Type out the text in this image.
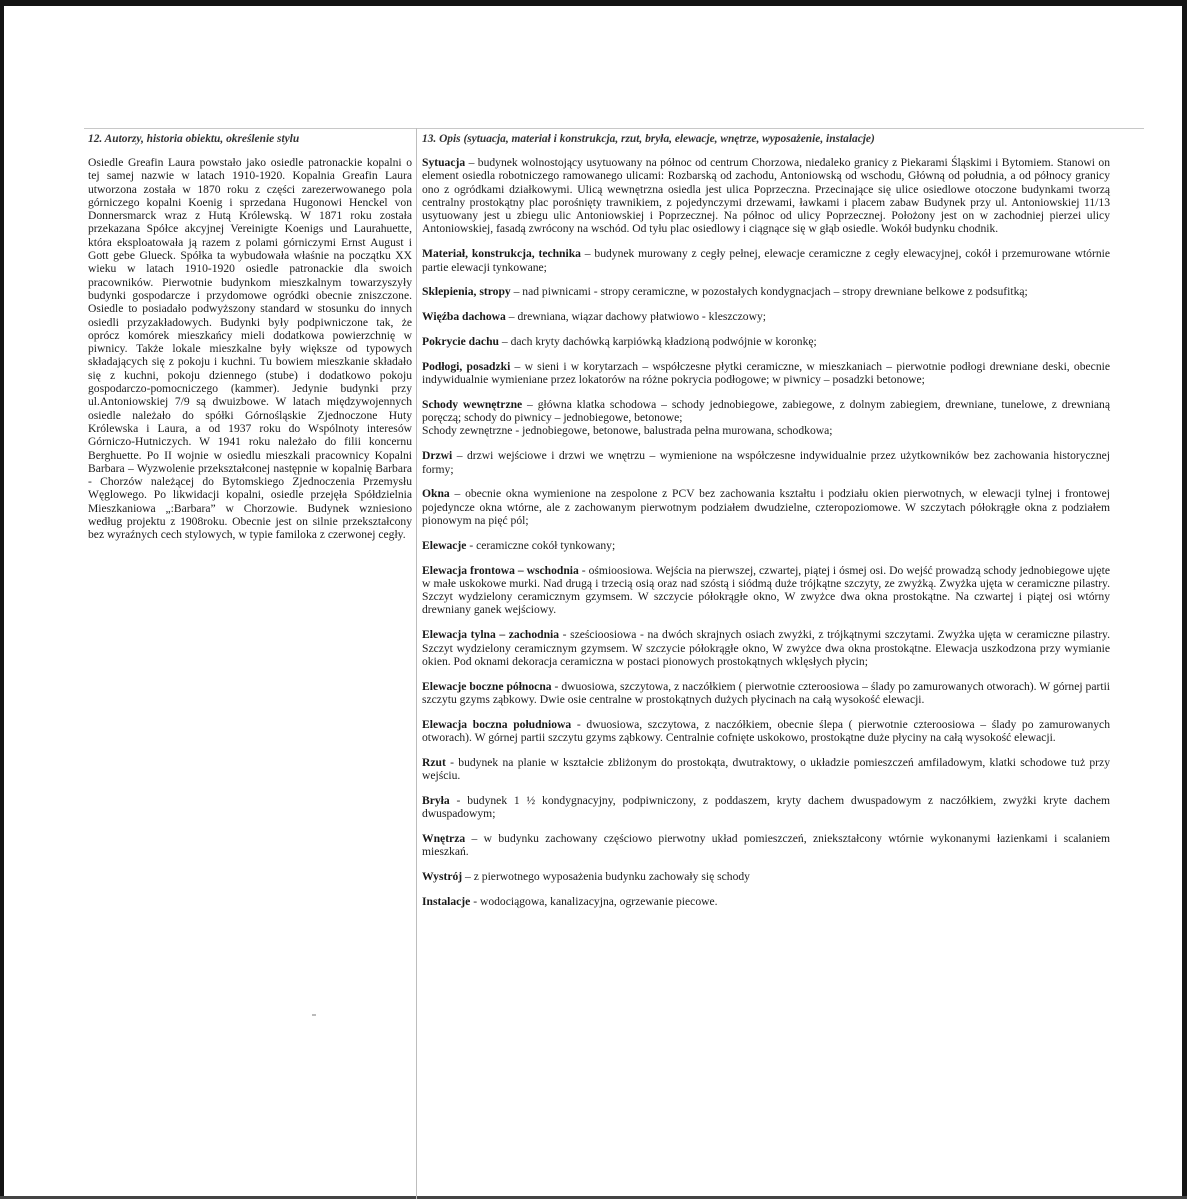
12. Autorzy, historia obiektu, określenie stylu

Osiedle Greafin Laura powstało jako osiedle patronackie kopalni o tej samej nazwie w latach 1910-1920. Kopalnia Greafin Laura utworzona została w 1870 roku z części zarezerwowanego pola górniczego kopalni Koenig i sprzedana Hugonowi Henckel von Donnersmarck wraz z Hutą Królewską. W 1871 roku została przekazana Spółce akcyjnej Vereinigte Koenigs und Laurahuette, która eksploatowała ją razem z polami górniczymi Ernst August i Gott gebe Glueck. Spółka ta wybudowała właśnie na początku XX wieku w latach 1910-1920 osiedle patronackie dla swoich pracowników. Pierwotnie budynkom mieszkalnym towarzyszyły budynki gospodarcze i przydomowe ogródki obecnie zniszczone. Osiedle to posiadało podwyższony standard w stosunku do innych osiedli przyzakładowych. Budynki były podpiwniczone tak, że oprócz komórek mieszkańcy mieli dodatkowa powierzchnię w piwnicy. Także lokale mieszkalne były większe od typowych składających się z pokoju i kuchni. Tu bowiem mieszkanie składało się z kuchni, pokoju dziennego (stube) i dodatkowo pokoju gospodarczo-pomocniczego (kammer). Jedynie budynki przy ul.Antoniowskiej 7/9 są dwuizbowe. W latach międzywojennych osiedle należało do spółki Górnośląskie Zjednoczone Huty Królewska i Laura, a od 1937 roku do Wspólnoty interesów Górniczo-Hutniczych. W 1941 roku należało do filii koncernu Berghuette. Po II wojnie w osiedlu mieszkali pracownicy Kopalni Barbara – Wyzwolenie przekształconej następnie w kopalnię Barbara - Chorzów należącej do Bytomskiego Zjednoczenia Przemysłu Węglowego. Po likwidacji kopalni, osiedle przejęła Spółdzielnia Mieszkaniowa „:Barbara” w Chorzowie. Budynek wzniesiono według projektu z 1908roku. Obecnie jest on silnie przekształcony bez wyraźnych cech stylowych, w typie familoka z czerwonej cegły.

13. Opis (sytuacja, materiał i konstrukcja, rzut, bryła, elewacje, wnętrze, wyposażenie, instalacje)

Sytuacja – budynek wolnostojący usytuowany na północ od centrum Chorzowa, niedaleko granicy z Piekarami Śląskimi i Bytomiem. Stanowi on element osiedla robotniczego ramowanego ulicami: Rozbarską od zachodu, Antoniowską od wschodu, Główną od południa, a od północy granicy ono z ogródkami działkowymi. Ulicą wewnętrzna osiedla jest ulica Poprzeczna. Przecinające się ulice osiedlowe otoczone budynkami tworzą centralny prostokątny plac porośnięty trawnikiem, z pojedynczymi drzewami, ławkami i placem zabaw Budynek przy ul. Antoniowskiej 11/13 usytuowany jest u zbiegu ulic Antoniowskiej i Poprzecznej. Na północ od ulicy Poprzecznej. Położony jest on w zachodniej pierzei ulicy Antoniowskiej, fasadą zwrócony na wschód. Od tyłu plac osiedlowy i ciągnące się w głąb osiedle. Wokół budynku chodnik.

Materiał, konstrukcja, technika – budynek murowany z cegły pełnej, elewacje ceramiczne z cegły elewacyjnej, cokół i przemurowane wtórnie partie elewacji tynkowane;

Sklepienia, stropy – nad piwnicami - stropy ceramiczne, w pozostałych kondygnacjach – stropy drewniane belkowe z podsufitką;

Więźba dachowa – drewniana, wiązar dachowy płatwiowo - kleszczowy;

Pokrycie dachu – dach kryty dachówką karpiówką kładzioną podwójnie w koronkę;

Podłogi, posadzki – w sieni i w korytarzach – współczesne płytki ceramiczne, w mieszkaniach – pierwotnie podłogi drewniane deski, obecnie indywidualnie wymieniane przez lokatorów na różne pokrycia podłogowe; w piwnicy – posadzki betonowe;

Schody wewnętrzne – główna klatka schodowa – schody jednobiegowe, zabiegowe, z dolnym zabiegiem, drewniane, tunelowe, z drewnianą poręczą; schody do piwnicy – jednobiegowe, betonowe;
Schody zewnętrzne - jednobiegowe, betonowe, balustrada pełna murowana, schodkowa;

Drzwi – drzwi wejściowe i drzwi we wnętrzu – wymienione na współczesne indywidualnie przez użytkowników bez zachowania historycznej formy;

Okna – obecnie okna wymienione na zespolone z PCV bez zachowania kształtu i podziału okien pierwotnych, w elewacji tylnej i frontowej pojedyncze okna wtórne, ale z zachowanym pierwotnym podziałem dwudzielne, czteropoziomowe. W szczytach półokrągłe okna z podziałem pionowym na pięć pól;

Elewacje - ceramiczne cokół tynkowany;

Elewacja frontowa – wschodnia - ośmioosiowa. Wejścia na pierwszej, czwartej, piątej i ósmej osi. Do wejść prowadzą schody jednobiegowe ujęte w małe uskokowe murki. Nad drugą i trzecią osią oraz nad szóstą i siódmą duże trójkątne szczyty, ze zwyżką. Zwyżka ujęta w ceramiczne pilastry. Szczyt wydzielony ceramicznym gzymsem. W szczycie półokrągłe okno, W zwyżce dwa okna prostokątne. Na czwartej i piątej osi wtórny drewniany ganek wejściowy.

Elewacja tylna – zachodnia - sześcioosiowa - na dwóch skrajnych osiach zwyżki, z trójkątnymi szczytami. Zwyżka ujęta w ceramiczne pilastry. Szczyt wydzielony ceramicznym gzymsem. W szczycie półokrągłe okno, W zwyżce dwa okna prostokątne. Elewacja uszkodzona przy wymianie okien. Pod oknami dekoracja ceramiczna w postaci pionowych prostokątnych wklęsłych płycin;

Elewacje boczne północna - dwuosiowa, szczytowa, z naczółkiem ( pierwotnie czteroosiowa – ślady po zamurowanych otworach). W górnej partii szczytu gzyms ząbkowy. Dwie osie centralne w prostokątnych dużych płycinach na całą wysokość elewacji.

Elewacja boczna południowa - dwuosiowa, szczytowa, z naczółkiem, obecnie ślepa ( pierwotnie czteroosiowa – ślady po zamurowanych otworach). W górnej partii szczytu gzyms ząbkowy. Centralnie cofnięte uskokowo, prostokątne duże płyciny na całą wysokość elewacji.

Rzut - budynek na planie w kształcie zbliżonym do prostokąta, dwutraktowy, o układzie pomieszczeń amfiladowym, klatki schodowe tuż przy wejściu.

Bryła - budynek 1 ½ kondygnacyjny, podpiwniczony, z poddaszem, kryty dachem dwuspadowym z naczółkiem, zwyżki kryte dachem dwuspadowym;

Wnętrza – w budynku zachowany częściowo pierwotny układ pomieszczeń, zniekształcony wtórnie wykonanymi łazienkami i scalaniem mieszkań.

Wystrój – z pierwotnego wyposażenia budynku zachowały się schody

Instalacje - wodociągowa, kanalizacyjna, ogrzewanie piecowe.
